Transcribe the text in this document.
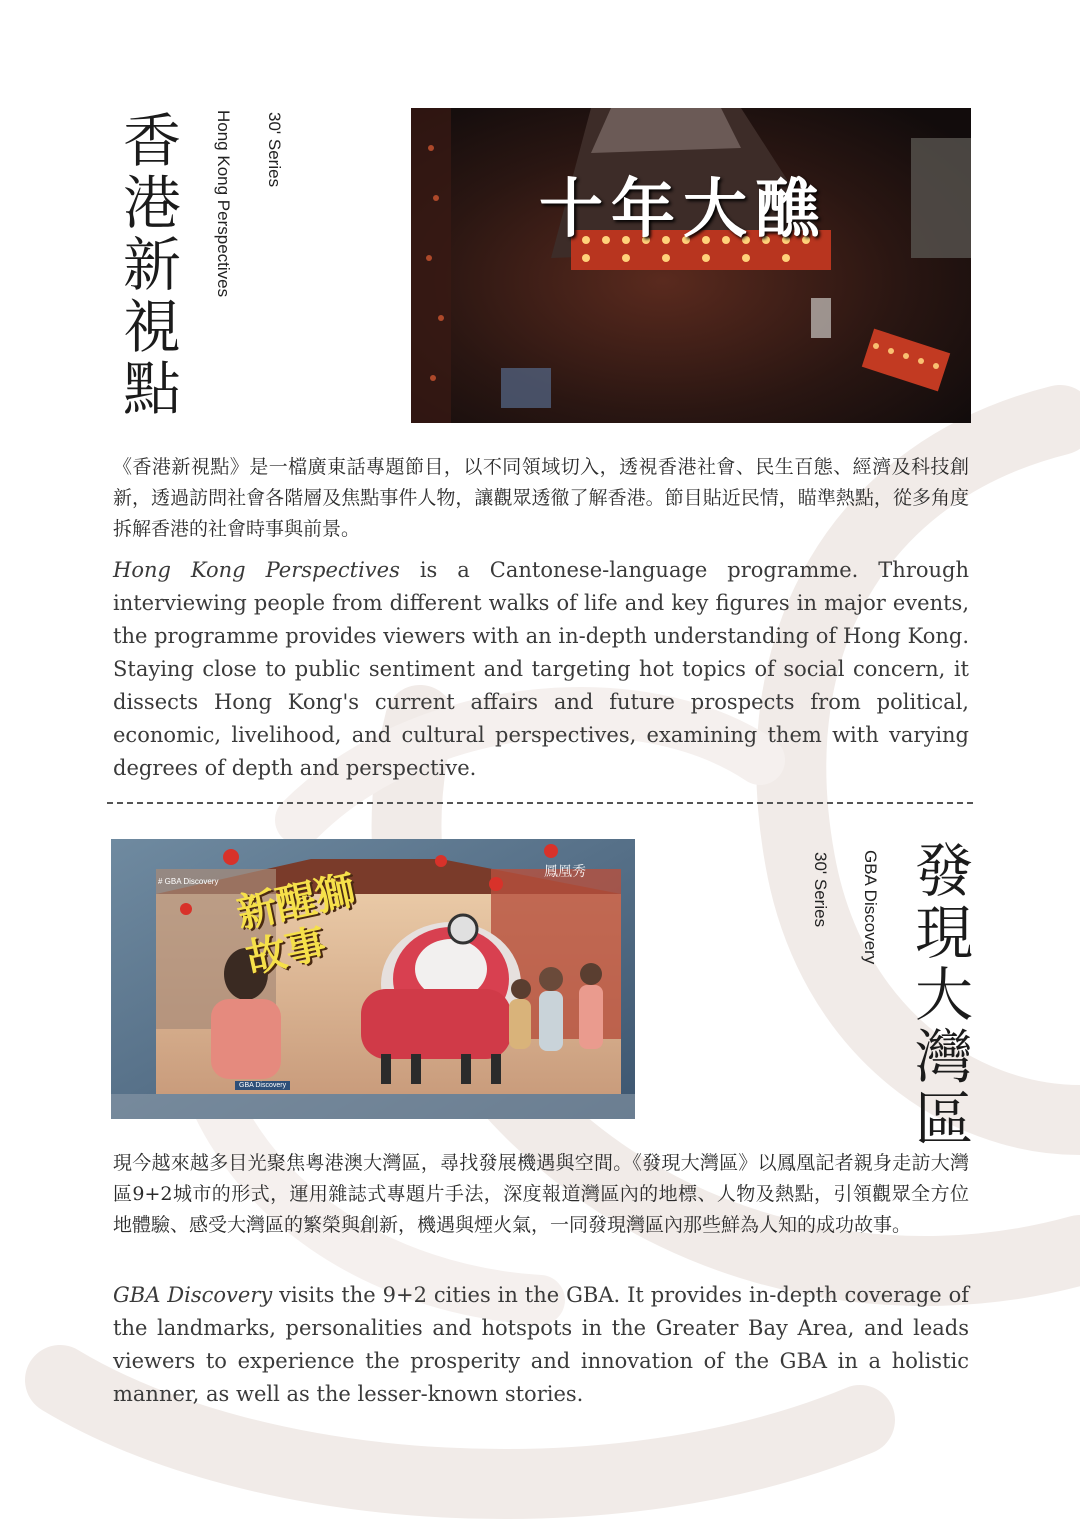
香港新視點 Hong Kong Perspectives 30' Series
十年大醮
《香港新視點》是一檔廣東話專題節目，以不同領域切入，透視香港社會、民生百態、經濟及科技創新，透過訪問社會各階層及焦點事件人物，讓觀眾透徹了解香港。節目貼近民情，瞄準熱點，從多角度拆解香港的社會時事與前景。
Hong Kong Perspectives is a Cantonese-language programme. Through interviewing people from different walks of life and key figures in major events, the programme provides viewers with an in-depth understanding of Hong Kong. Staying close to public sentiment and targeting hot topics of social concern, it dissects Hong Kong's current affairs and future prospects from political, economic, livelihood, and cultural perspectives, examining them with varying degrees of depth and perspective.
# GBA Discovery
GBA Discovery
鳳凰秀
新醒獅故事	發現大灣區
GBA Discovery
30' Series
現今越來越多目光聚焦粵港澳大灣區，尋找發展機遇與空間。《發現大灣區》以鳳凰記者親身走訪大灣區9+2城市的形式，運用雜誌式專題片手法，深度報道灣區內的地標、人物及熱點，引領觀眾全方位地體驗、感受大灣區的繁榮與創新，機遇與煙火氣，一同發現灣區內那些鮮為人知的成功故事。
GBA Discovery visits the 9+2 cities in the GBA. It provides in-depth coverage of the landmarks, personalities and hotspots in the Greater Bay Area, and leads viewers to experience the prosperity and innovation of the GBA in a holistic manner, as well as the lesser-known stories.
